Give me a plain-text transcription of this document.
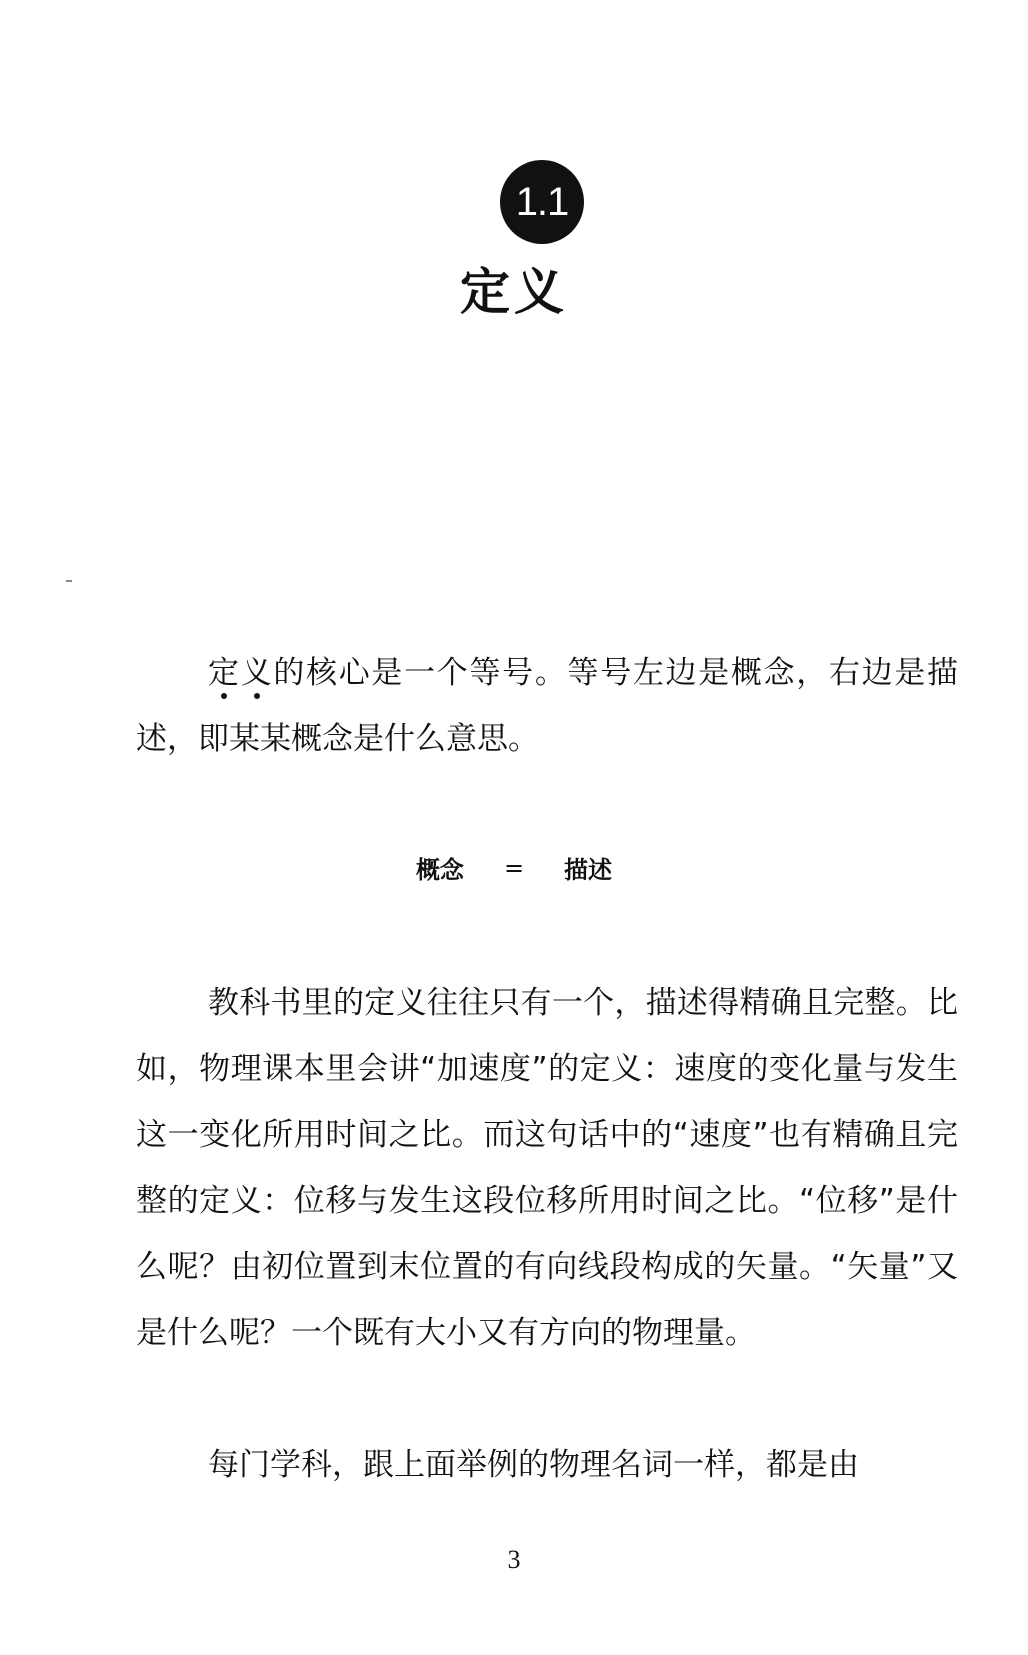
1.1
定义

定义的核心是一个等号。等号左边是概念，右边是描述，即某某概念是什么意思。

概念 = 描述

教科书里的定义往往只有一个，描述得精确且完整。比如，物理课本里会讲“加速度”的定义：速度的变化量与发生这一变化所用时间之比。而这句话中的“速度”也有精确且完整的定义：位移与发生这段位移所用时间之比。“位移”是什么呢？由初位置到末位置的有向线段构成的矢量。“矢量”又是什么呢？一个既有大小又有方向的物理量。

每门学科，跟上面举例的物理名词一样，都是由

3
